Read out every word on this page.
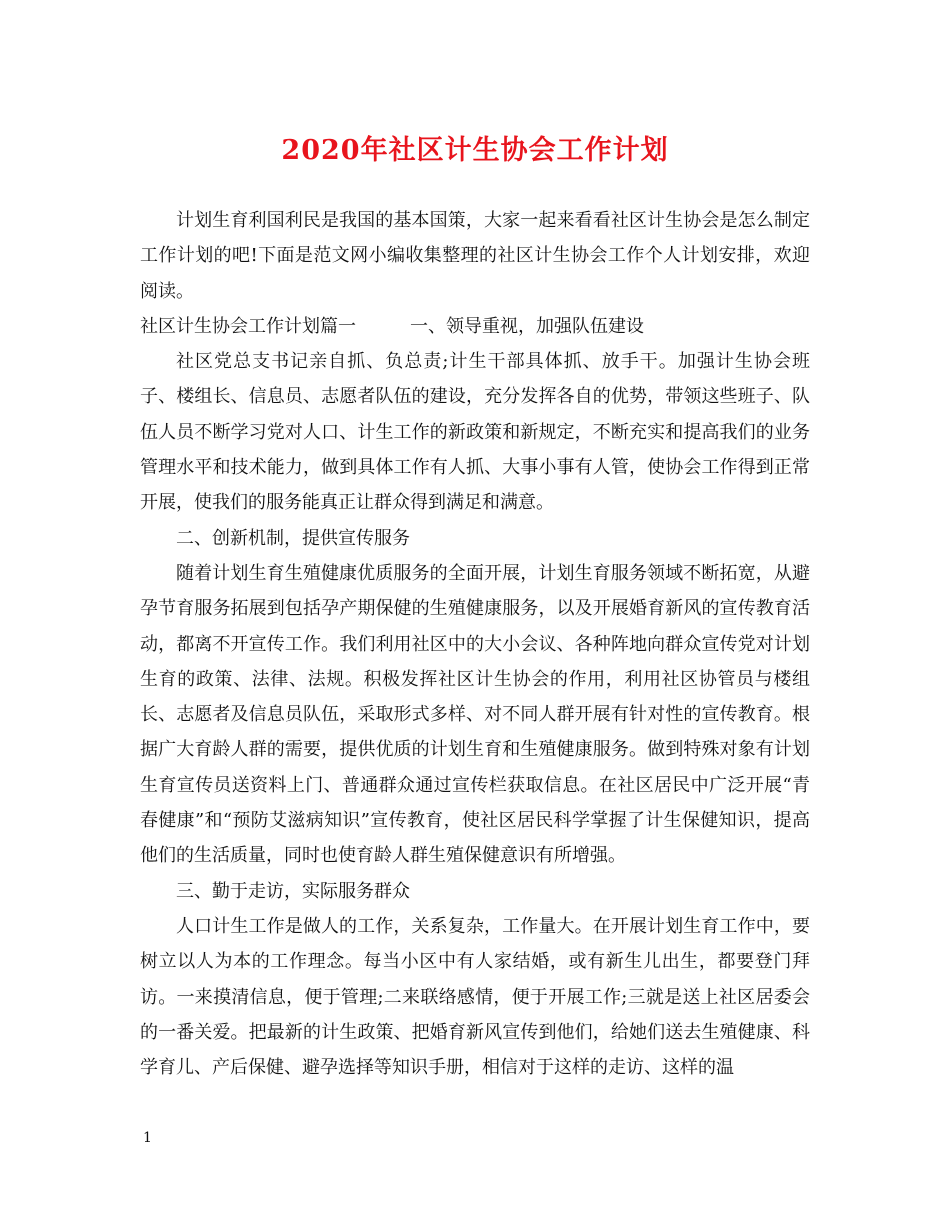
2020年社区计生协会工作计划

计划生育利国利民是我国的基本国策，大家一起来看看社区计生协会是怎么制定工作计划的吧!下面是范文网小编收集整理的社区计生协会工作个人计划安排，欢迎阅读。

社区计生协会工作计划篇一	一、领导重视，加强队伍建设

社区党总支书记亲自抓、负总责;计生干部具体抓、放手干。加强计生协会班子、楼组长、信息员、志愿者队伍的建设，充分发挥各自的优势，带领这些班子、队伍人员不断学习党对人口、计生工作的新政策和新规定，不断充实和提高我们的业务管理水平和技术能力，做到具体工作有人抓、大事小事有人管，使协会工作得到正常开展，使我们的服务能真正让群众得到满足和满意。

二、创新机制，提供宣传服务

随着计划生育生殖健康优质服务的全面开展，计划生育服务领域不断拓宽，从避孕节育服务拓展到包括孕产期保健的生殖健康服务，以及开展婚育新风的宣传教育活动，都离不开宣传工作。我们利用社区中的大小会议、各种阵地向群众宣传党对计划生育的政策、法律、法规。积极发挥社区计生协会的作用，利用社区协管员与楼组长、志愿者及信息员队伍，采取形式多样、对不同人群开展有针对性的宣传教育。根据广大育龄人群的需要，提供优质的计划生育和生殖健康服务。做到特殊对象有计划生育宣传员送资料上门、普通群众通过宣传栏获取信息。在社区居民中广泛开展“青春健康”和“预防艾滋病知识”宣传教育，使社区居民科学掌握了计生保健知识，提高他们的生活质量，同时也使育龄人群生殖保健意识有所增强。

三、勤于走访，实际服务群众

人口计生工作是做人的工作，关系复杂，工作量大。在开展计划生育工作中，要树立以人为本的工作理念。每当小区中有人家结婚，或有新生儿出生，都要登门拜访。一来摸清信息，便于管理;二来联络感情，便于开展工作;三就是送上社区居委会的一番关爱。把最新的计生政策、把婚育新风宣传到他们，给她们送去生殖健康、科学育儿、产后保健、避孕选择等知识手册，相信对于这样的走访、这样的温

1
